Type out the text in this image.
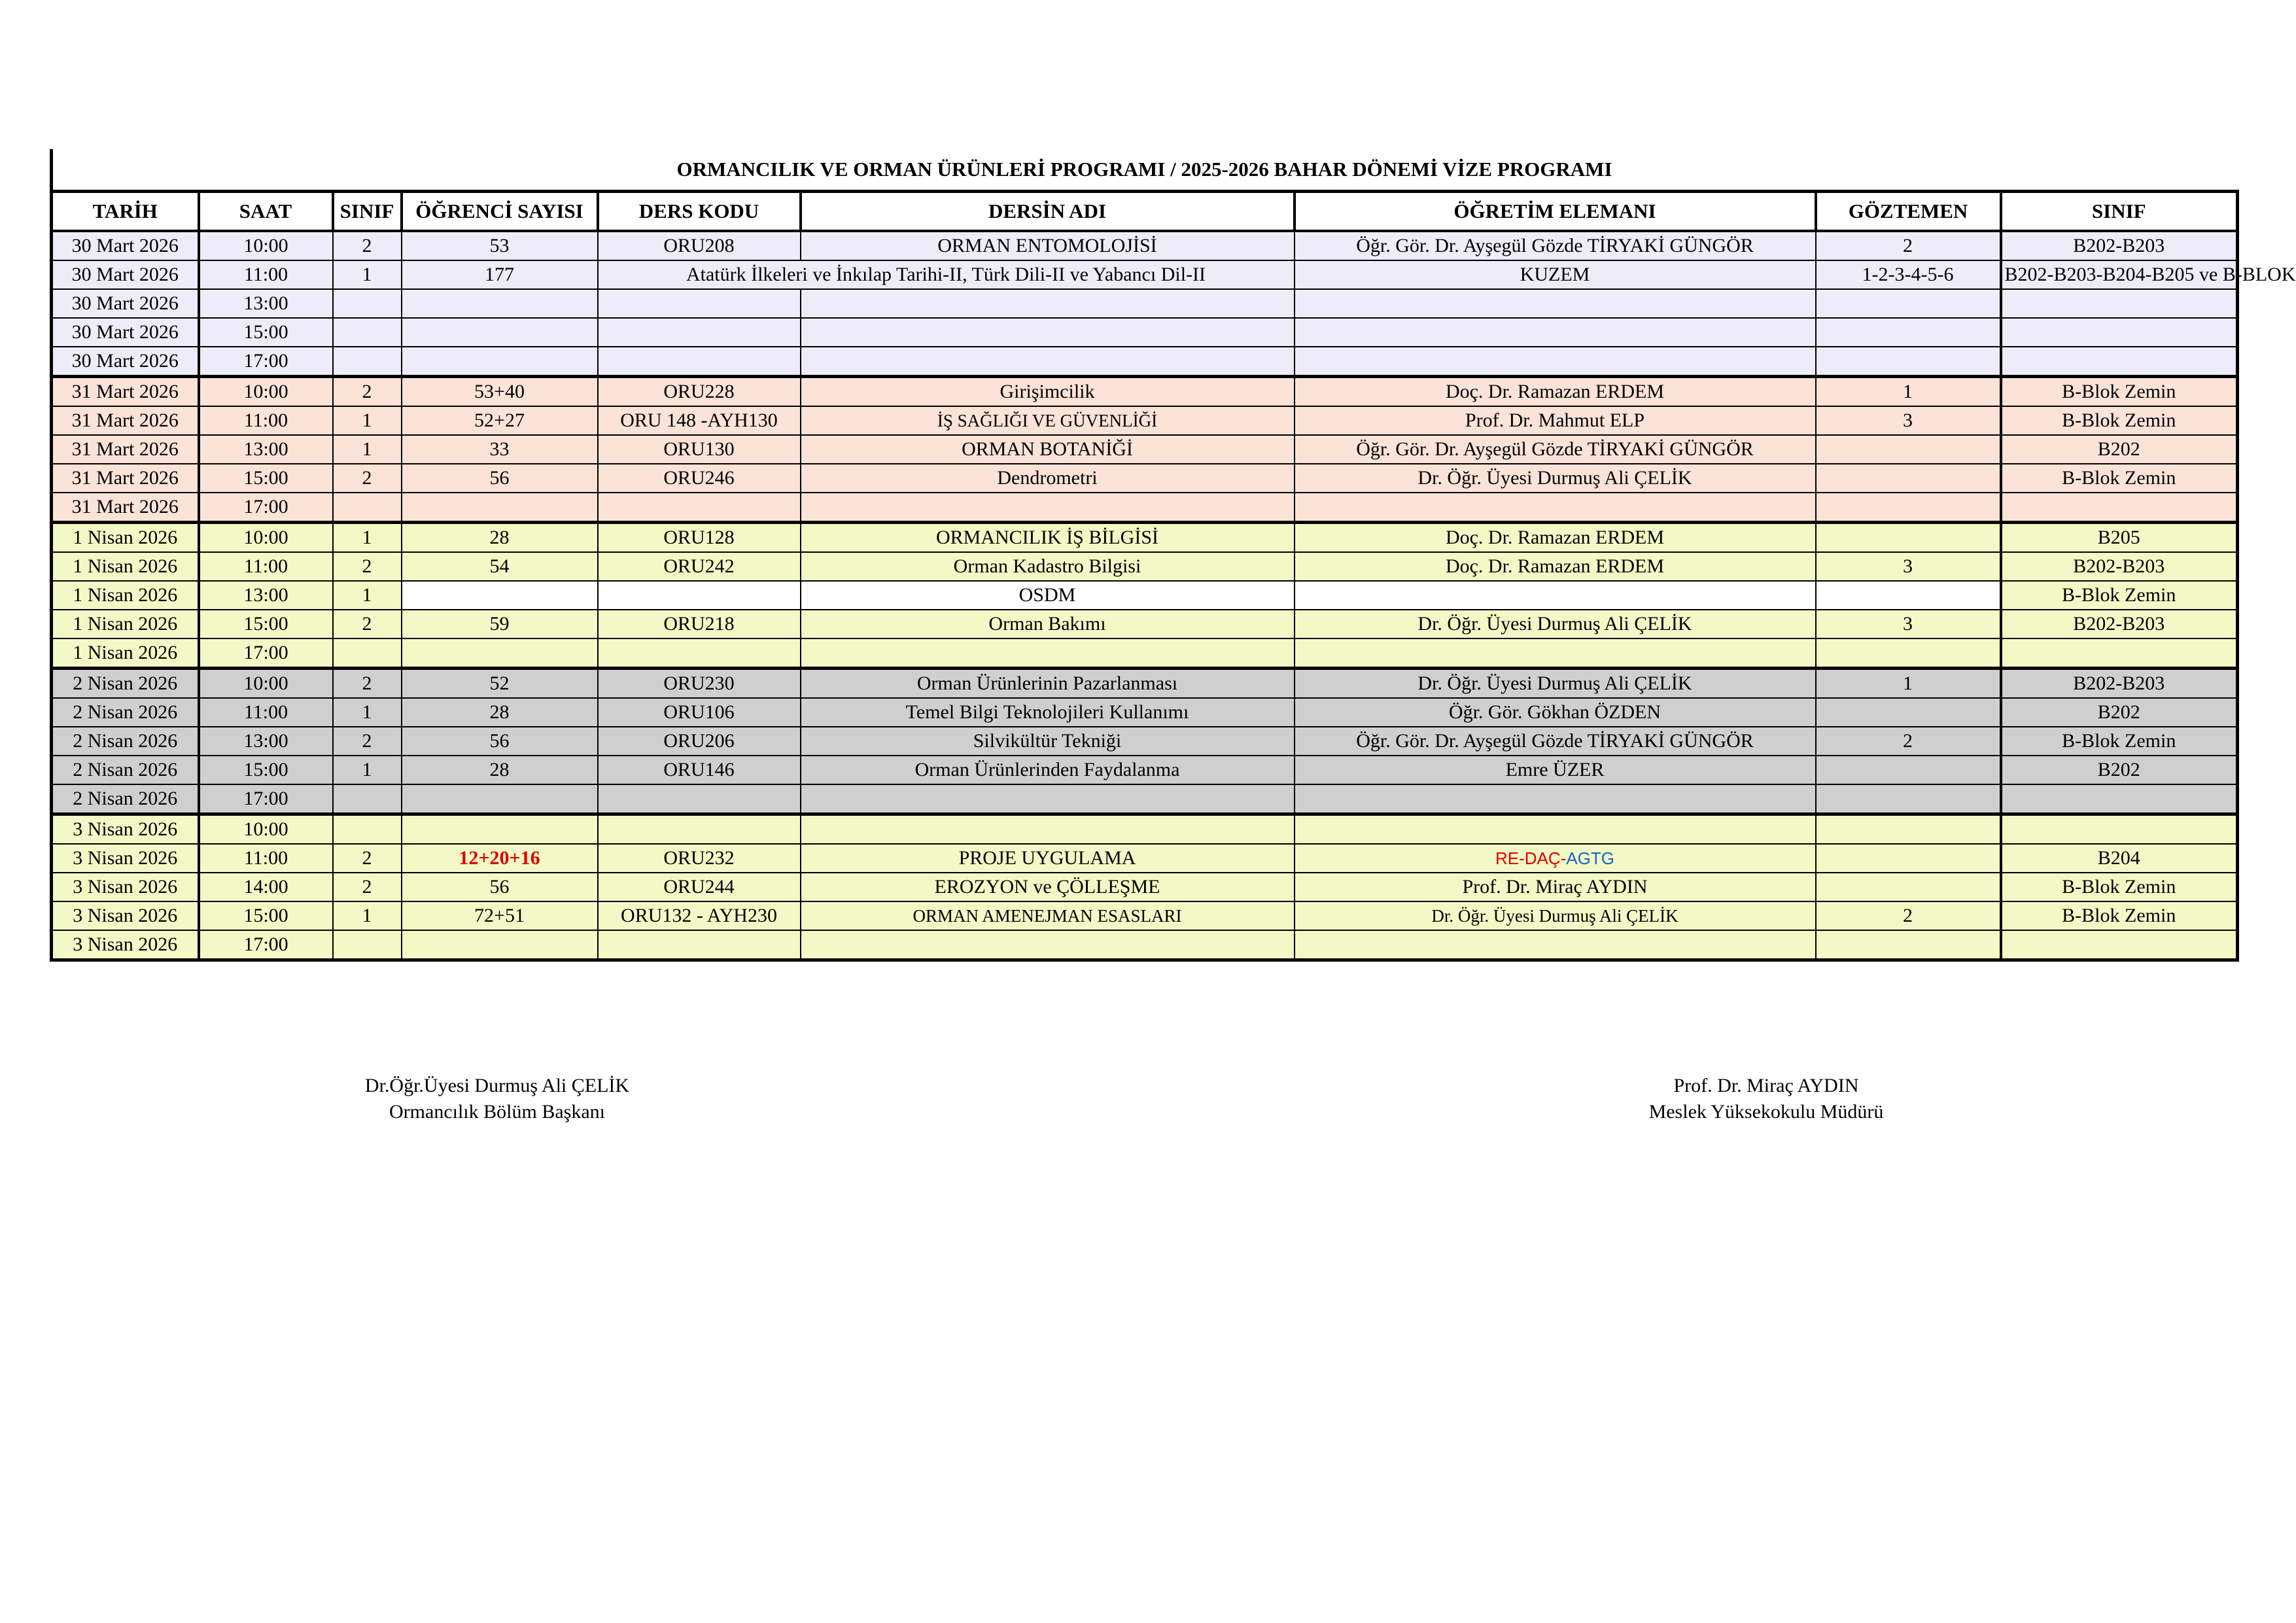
ORMANCILIK VE ORMAN ÜRÜNLERİ PROGRAMI / 2025-2026 BAHAR DÖNEMİ VİZE PROGRAMI
TARİH	SAAT	SINIF	ÖĞRENCİ SAYISI	DERS KODU	DERSİN ADI	ÖĞRETİM ELEMANI	GÖZTEMEN	SINIF
30 Mart 2026	10:00	2	53	ORU208	ORMAN ENTOMOLOJİSİ	Öğr. Gör. Dr. Ayşegül Gözde TİRYAKİ GÜNGÖR	2	B202-B203
30 Mart 2026	11:00	1	177	Atatürk İlkeleri ve İnkılap Tarihi-II, Türk Dili-II ve Yabancı Dil-II		KUZEM	1-2-3-4-5-6	B202-B203-B204-B205 ve B-BLOK
30 Mart 2026	13:00							
30 Mart 2026	15:00							
30 Mart 2026	17:00							
31 Mart 2026	10:00	2	53+40	ORU228	Girişimcilik	Doç. Dr. Ramazan ERDEM	1	B-Blok Zemin
31 Mart 2026	11:00	1	52+27	ORU 148 -AYH130	İŞ SAĞLIĞI VE GÜVENLİĞİ	Prof. Dr. Mahmut ELP	3	B-Blok Zemin
31 Mart 2026	13:00	1	33	ORU130	ORMAN BOTANİĞİ	Öğr. Gör. Dr. Ayşegül Gözde TİRYAKİ GÜNGÖR		B202
31 Mart 2026	15:00	2	56	ORU246	Dendrometri	Dr. Öğr. Üyesi Durmuş Ali ÇELİK		B-Blok Zemin
31 Mart 2026	17:00							
1 Nisan 2026	10:00	1	28	ORU128	ORMANCILIK İŞ BİLGİSİ	Doç. Dr. Ramazan ERDEM		B205
1 Nisan 2026	11:00	2	54	ORU242	Orman Kadastro Bilgisi	Doç. Dr. Ramazan ERDEM	3	B202-B203
1 Nisan 2026	13:00	1			OSDM			B-Blok Zemin
1 Nisan 2026	15:00	2	59	ORU218	Orman Bakımı	Dr. Öğr. Üyesi Durmuş Ali ÇELİK	3	B202-B203
1 Nisan 2026	17:00							
2 Nisan 2026	10:00	2	52	ORU230	Orman Ürünlerinin Pazarlanması	Dr. Öğr. Üyesi Durmuş Ali ÇELİK	1	B202-B203
2 Nisan 2026	11:00	1	28	ORU106	Temel Bilgi Teknolojileri Kullanımı	Öğr. Gör. Gökhan ÖZDEN		B202
2 Nisan 2026	13:00	2	56	ORU206	Silvikültür Tekniği	Öğr. Gör. Dr. Ayşegül Gözde TİRYAKİ GÜNGÖR	2	B-Blok Zemin
2 Nisan 2026	15:00	1	28	ORU146	Orman Ürünlerinden Faydalanma	Emre ÜZER		B202
2 Nisan 2026	17:00							
3 Nisan 2026	10:00							
3 Nisan 2026	11:00	2	12+20+16	ORU232	PROJE UYGULAMA	RE-DAÇ-AGTG		B204
3 Nisan 2026	14:00	2	56	ORU244	EROZYON ve ÇÖLLEŞME	Prof. Dr. Miraç AYDIN		B-Blok Zemin
3 Nisan 2026	15:00	1	72+51	ORU132 - AYH230	ORMAN AMENEJMAN ESASLARI	Dr. Öğr. Üyesi Durmuş Ali ÇELİK	2	B-Blok Zemin
3 Nisan 2026	17:00							
Dr.Öğr.Üyesi Durmuş Ali ÇELİK
Ormancılık Bölüm Başkanı
Prof. Dr. Miraç AYDIN
Meslek Yüksekokulu Müdürü
